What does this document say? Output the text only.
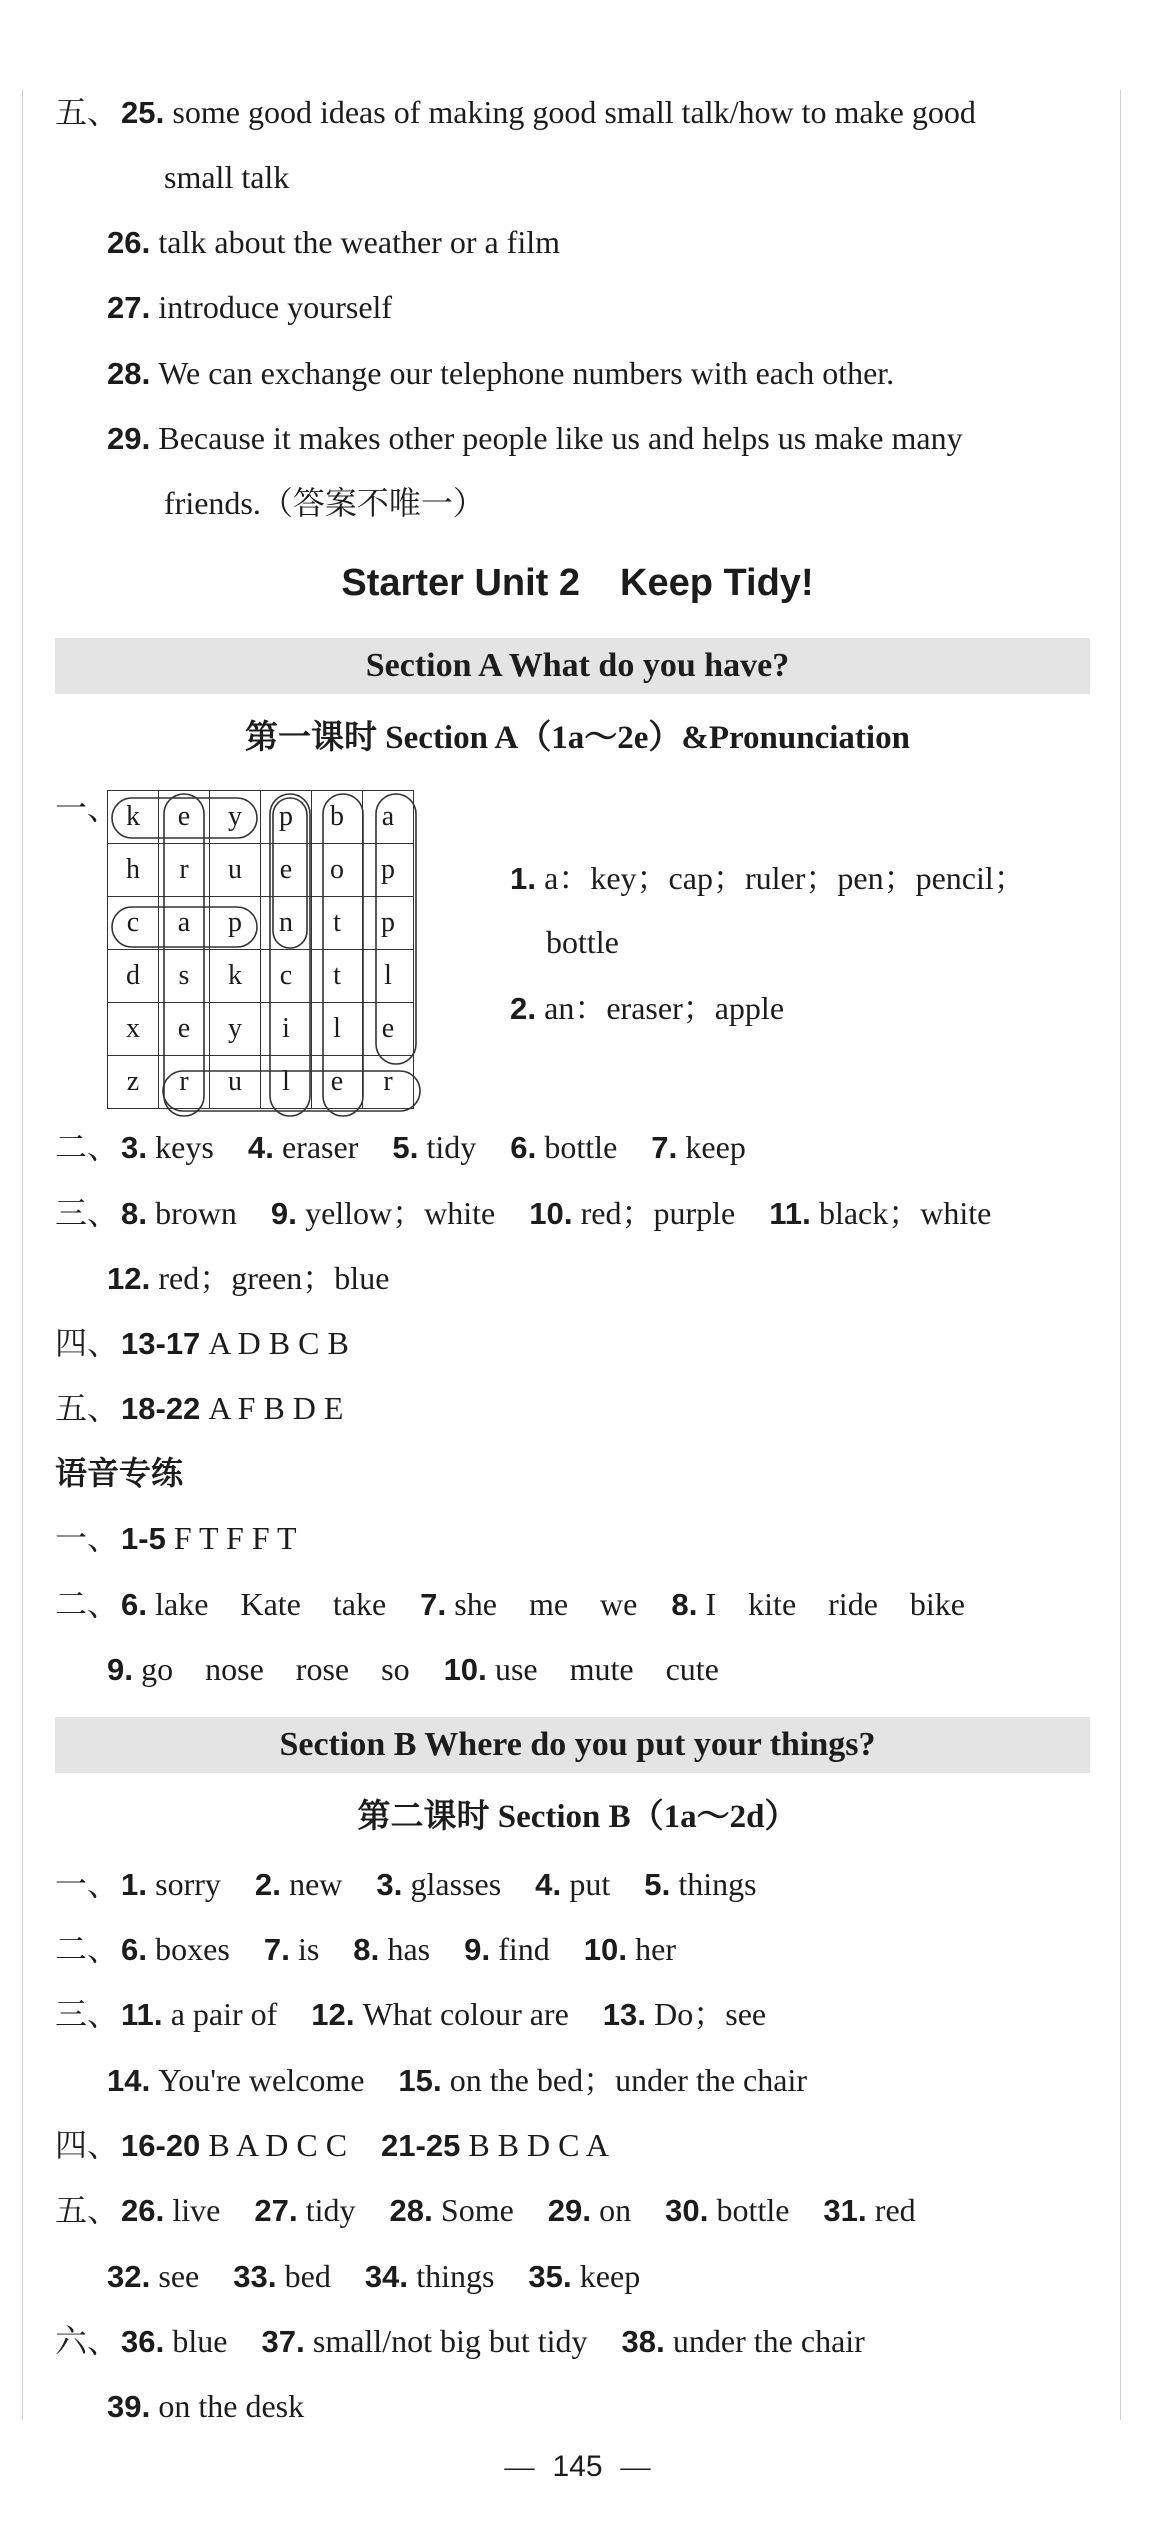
五、25. some good ideas of making good small talk/how to make good
small talk
26. talk about the weather or a film
27. introduce yourself
28. We can exchange our telephone numbers with each other.
29. Because it makes other people like us and helps us make many
friends.（答案不唯一）
Starter Unit 2 Keep Tidy!
Section A What do you have?
第一课时 Section A（1a～2e）&Pronunciation
一、 k	e	y	p	b	a
h	r	u	e	o	p
c	a	p	n	t	p
d	s	k	c	t	l
x	e	y	i	l	e
z	r	u	l	e	r
1. a：key；cap；ruler；pen；pencil；
bottle
2. an：eraser；apple
二、3. keys 4. eraser 5. tidy 6. bottle 7. keep
三、8. brown 9. yellow；white 10. red；purple 11. black；white
12. red；green；blue
四、13-17 A D B C B
五、18-22 A F B D E
语音专练
一、1-5 F T F F T
二、6. lake    Kate    take 7. she    me    we 8. I    kite    ride    bike
9. go    nose    rose    so 10. use    mute    cute
Section B Where do you put your things?
第二课时 Section B（1a～2d）
一、1. sorry 2. new 3. glasses 4. put 5. things
二、6. boxes 7. is 8. has 9. find 10. her
三、11. a pair of 12. What colour are 13. Do；see
14. You're welcome 15. on the bed；under the chair
四、16-20 B A D C C 21-25 B B D C A
五、26. live 27. tidy 28. Some 29. on 30. bottle 31. red
32. see 33. bed 34. things 35. keep
六、36. blue 37. small/not big but tidy 38. under the chair
39. on the desk
— 145 —
